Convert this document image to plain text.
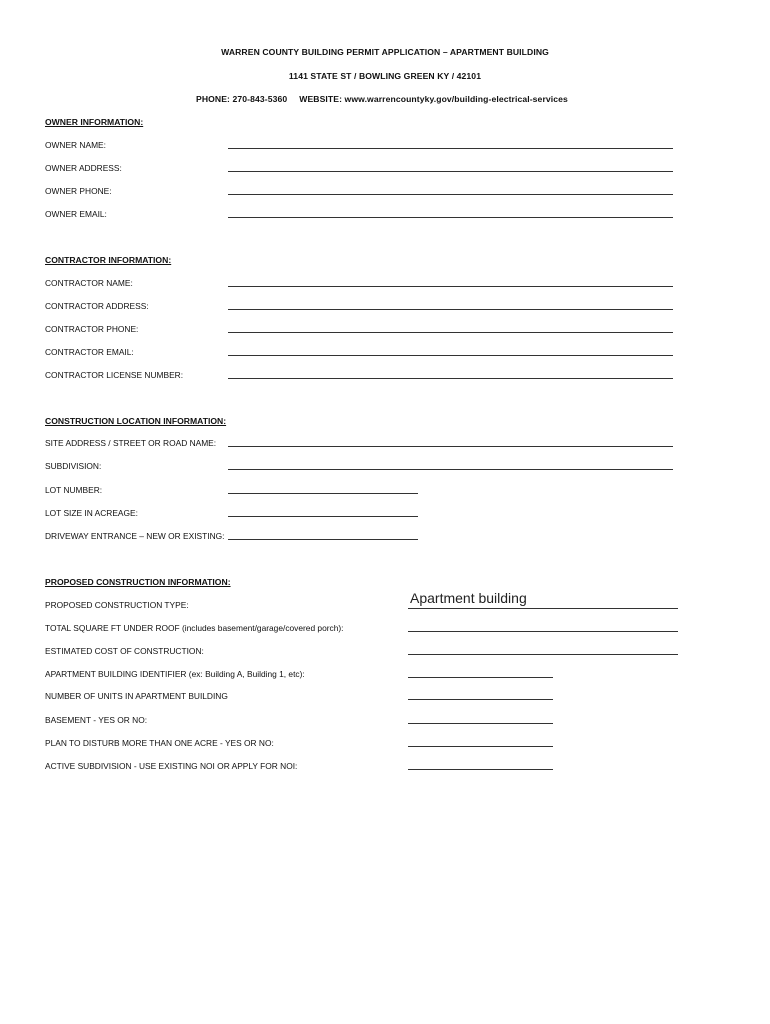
WARREN COUNTY BUILDING PERMIT APPLICATION – APARTMENT BUILDING
1141 STATE ST / BOWLING GREEN KY / 42101
PHONE: 270-843-5360 WEBSITE: www.warrencountyky.gov/building-electrical-services
OWNER INFORMATION:
OWNER NAME:
OWNER ADDRESS:
OWNER PHONE:
OWNER EMAIL:
CONTRACTOR INFORMATION:
CONTRACTOR NAME:
CONTRACTOR ADDRESS:
CONTRACTOR PHONE:
CONTRACTOR EMAIL:
CONTRACTOR LICENSE NUMBER:
CONSTRUCTION LOCATION INFORMATION:
SITE ADDRESS / STREET OR ROAD NAME:
SUBDIVISION:
LOT NUMBER:
LOT SIZE IN ACREAGE:
DRIVEWAY ENTRANCE – NEW OR EXISTING:
PROPOSED CONSTRUCTION INFORMATION:
PROPOSED CONSTRUCTION TYPE:	Apartment building
TOTAL SQUARE FT UNDER ROOF (includes basement/garage/covered porch):
ESTIMATED COST OF CONSTRUCTION:
APARTMENT BUILDING IDENTIFIER (ex: Building A, Building 1, etc):
NUMBER OF UNITS IN APARTMENT BUILDING
BASEMENT - YES OR NO:
PLAN TO DISTURB MORE THAN ONE ACRE - YES OR NO:
ACTIVE SUBDIVISION - USE EXISTING NOI OR APPLY FOR NOI:
